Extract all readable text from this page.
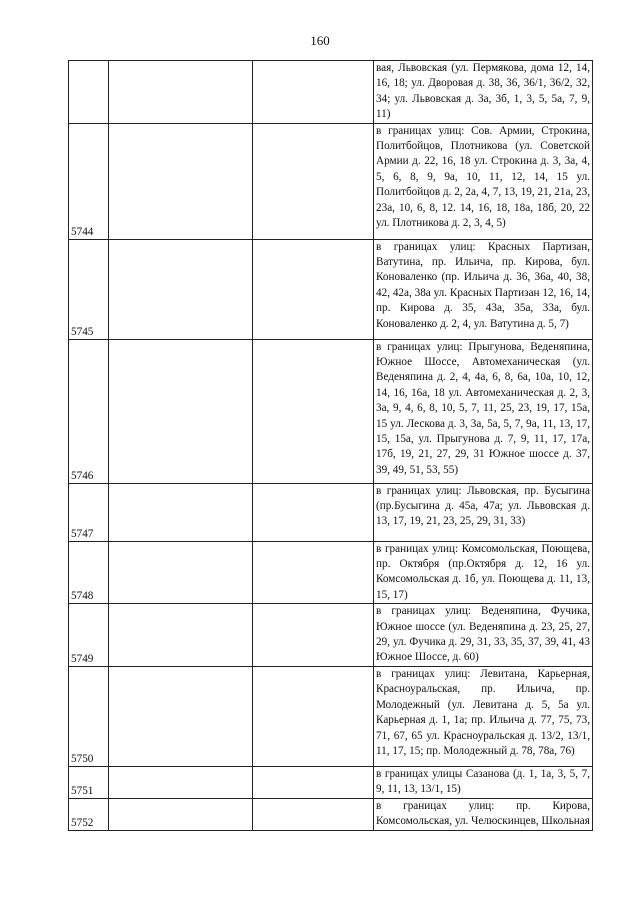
160
			вая, Львовская (ул. Пермякова, дома 12, 14, 16, 18; ул. Дворовая д. 38, 36, 36/1, 36/2, 32, 34; ул. Львовская д. 3а, 3б, 1, 3, 5, 5а, 7, 9, 11)

5744			в границах улиц: Сов. Армии, Строкина, Политбойцов, Плотникова (ул. Советской Армии д. 22, 16, 18 ул. Строкина д. 3, 3а, 4, 5, 6, 8, 9, 9а, 10, 11, 12, 14, 15 ул. Политбойцов д. 2, 2а, 4, 7, 13, 19, 21, 21а, 23, 23а, 10, 6, 8, 12. 14, 16, 18, 18а, 18б, 20, 22 ул. Плотникова д. 2, 3, 4, 5)

5745			в границах улиц: Красных Партизан, Ватутина, пр. Ильича, пр. Кирова, бул. Коноваленко (пр. Ильича д. 36, 36а, 40, 38, 42, 42а, 38а ул. Красных Партизан 12, 16, 14, пр. Кирова д. 35, 43а, 35а, 33а, бул. Коноваленко д. 2, 4, ул. Ватутина д. 5, 7)

5746			в границах улиц: Прыгунова, Веденяпина, Южное Шоссе, Автомеханическая (ул. Веденяпина д. 2, 4, 4а, 6, 8, 6а, 10а, 10, 12, 14, 16, 16а, 18 ул. Автомеханическая д. 2, 3, 3а, 9, 4, 6, 8, 10, 5, 7, 11, 25, 23, 19, 17, 15а, 15 ул. Лескова д. 3, 3а, 5а, 5, 7, 9а, 11, 13, 17, 15, 15а, ул. Прыгунова д. 7, 9, 11, 17, 17а, 17б, 19, 21, 27, 29, 31 Южное шоссе д. 37, 39, 49, 51, 53, 55)

5747			в границах улиц: Львовская, пр. Бусыгина (пр.Бусыгина д. 45а, 47а; ул. Львовская д. 13, 17, 19, 21, 23, 25, 29, 31, 33)

5748			в границах улиц: Комсомольская, Поющева, пр. Октября (пр.Октября д. 12, 16 ул. Комсомольская д. 1б, ул. Поющева д. 11, 13, 15, 17)

5749			в границах улиц: Веденяпина, Фучика, Южное шоссе (ул. Веденяпина д. 23, 25, 27, 29, ул. Фучика д. 29, 31, 33, 35, 37, 39, 41, 43 Южное Шоссе, д. 60)

5750			в границах улиц: Левитана, Карьерная, Красноуральская, пр. Ильича, пр. Молодежный (ул. Левитана д. 5, 5а ул. Карьерная д. 1, 1а; пр. Ильича д. 77, 75, 73, 71, 67, 65 ул. Красноуральская д. 13/2, 13/1, 11, 17, 15; пр. Молодежный д. 78, 78а, 76)

5751			в границах улицы Сазанова (д. 1, 1а, 3, 5, 7, 9, 11, 13, 13/1, 15)

5752			в границах улиц: пр. Кирова, Комсомольская, ул. Челюскинцев, Школьная
